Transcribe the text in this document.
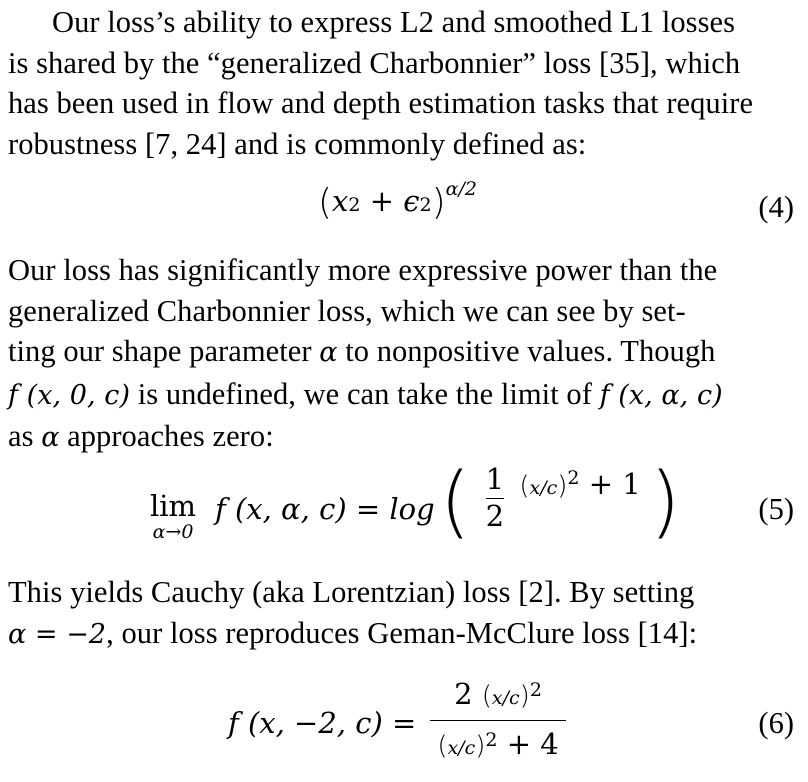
Our loss’s ability to express L2 and smoothed L1 losses
is shared by the “generalized Charbonnier” loss [35], which
has been used in flow and depth estimation tasks that require
robustness [7, 24] and is commonly defined as:
$(x2 + \epsilon 2)^{\alpha/2}$
(4)
Our loss has significantly more expressive power than the
generalized Charbonnier loss, which we can see by set-
ting our shape parameter α to nonpositive values. Though
f (x, 0, c) is undefined, we can take the limit of f (x, α, c)
as α approaches zero:
lim
α→0
f (x, α, c) = log ( $\frac{1}{2} (x/c)^2 + 1$ )	(5)
This yields Cauchy (aka Lorentzian) loss [2]. By setting
α = −2, our loss reproduces Geman-McClure loss [14]:
f (x, −2, c) =
2 $(x/c)^2$
$(x/c)^2 + 4$
(6)
